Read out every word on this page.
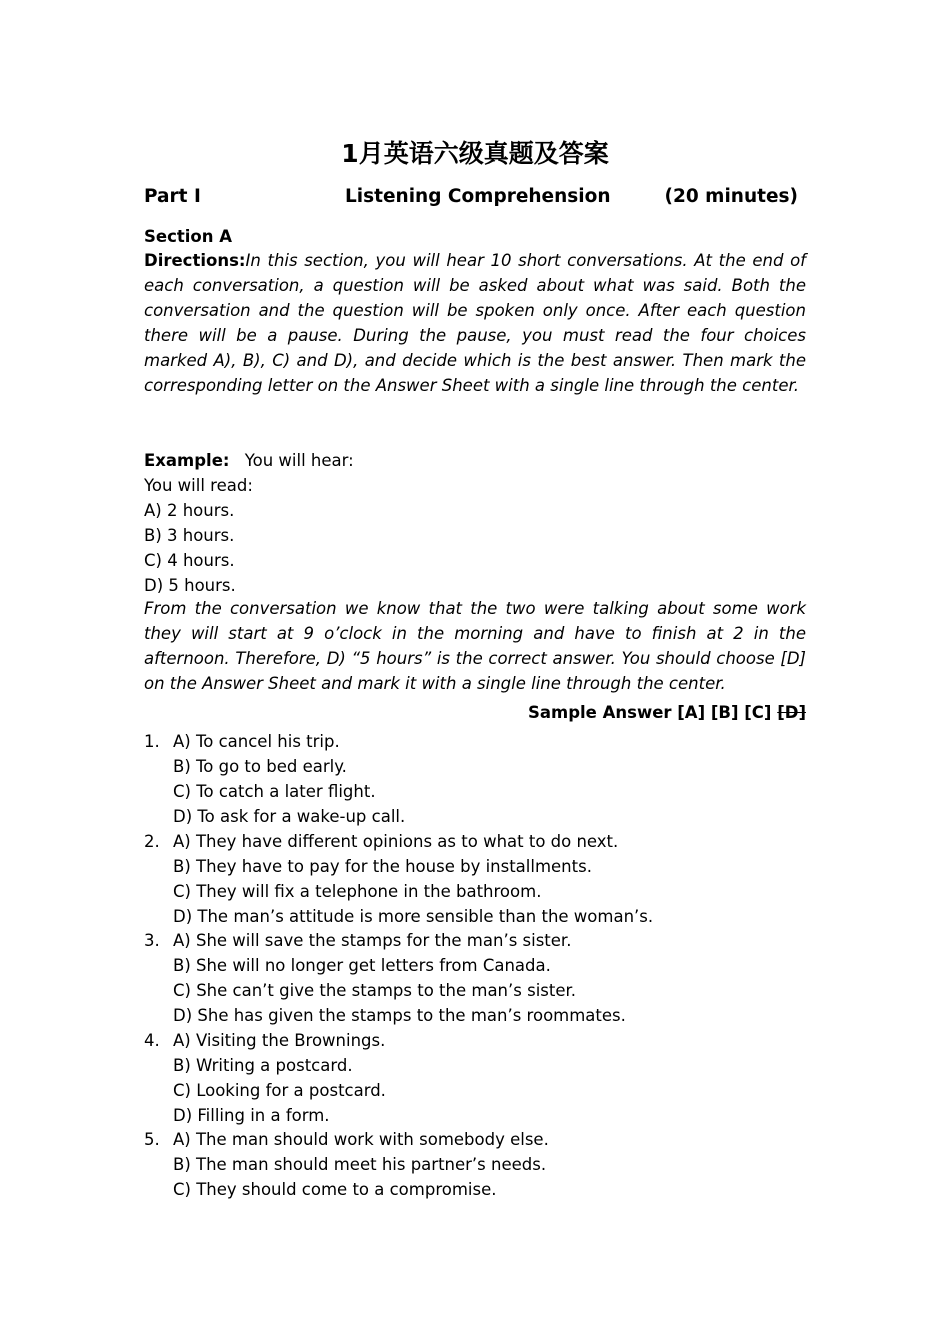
1月英语六级真题及答案
Part I	Listening Comprehension	(20 minutes)
Section A
Directions:In this section, you will hear 10 short conversations. At the end of each conversation, a question will be asked about what was said. Both the conversation and the question will be spoken only once. After each question there will be a pause. During the pause, you must read the four choices marked A), B), C) and D), and decide which is the best answer. Then mark the corresponding letter on the Answer Sheet with a single line through the center.
Example: You will hear:
You will read:
A) 2 hours.
B) 3 hours.
C) 4 hours.
D) 5 hours.
From the conversation we know that the two were talking about some work they will start at 9 o’clock in the morning and have to finish at 2 in the afternoon. Therefore, D) “5 hours” is the correct answer. You should choose [D] on the Answer Sheet and mark it with a single line through the center.
Sample Answer [A] [B] [C] [D]
1. A) To cancel his trip.
B) To go to bed early.
C) To catch a later flight.
D) To ask for a wake-up call.
2. A) They have different opinions as to what to do next.
B) They have to pay for the house by installments.
C) They will fix a telephone in the bathroom.
D) The man’s attitude is more sensible than the woman’s.
3. A) She will save the stamps for the man’s sister.
B) She will no longer get letters from Canada.
C) She can’t give the stamps to the man’s sister.
D) She has given the stamps to the man’s roommates.
4. A) Visiting the Brownings.
B) Writing a postcard.
C) Looking for a postcard.
D) Filling in a form.
5. A) The man should work with somebody else.
B) The man should meet his partner’s needs.
C) They should come to a compromise.
